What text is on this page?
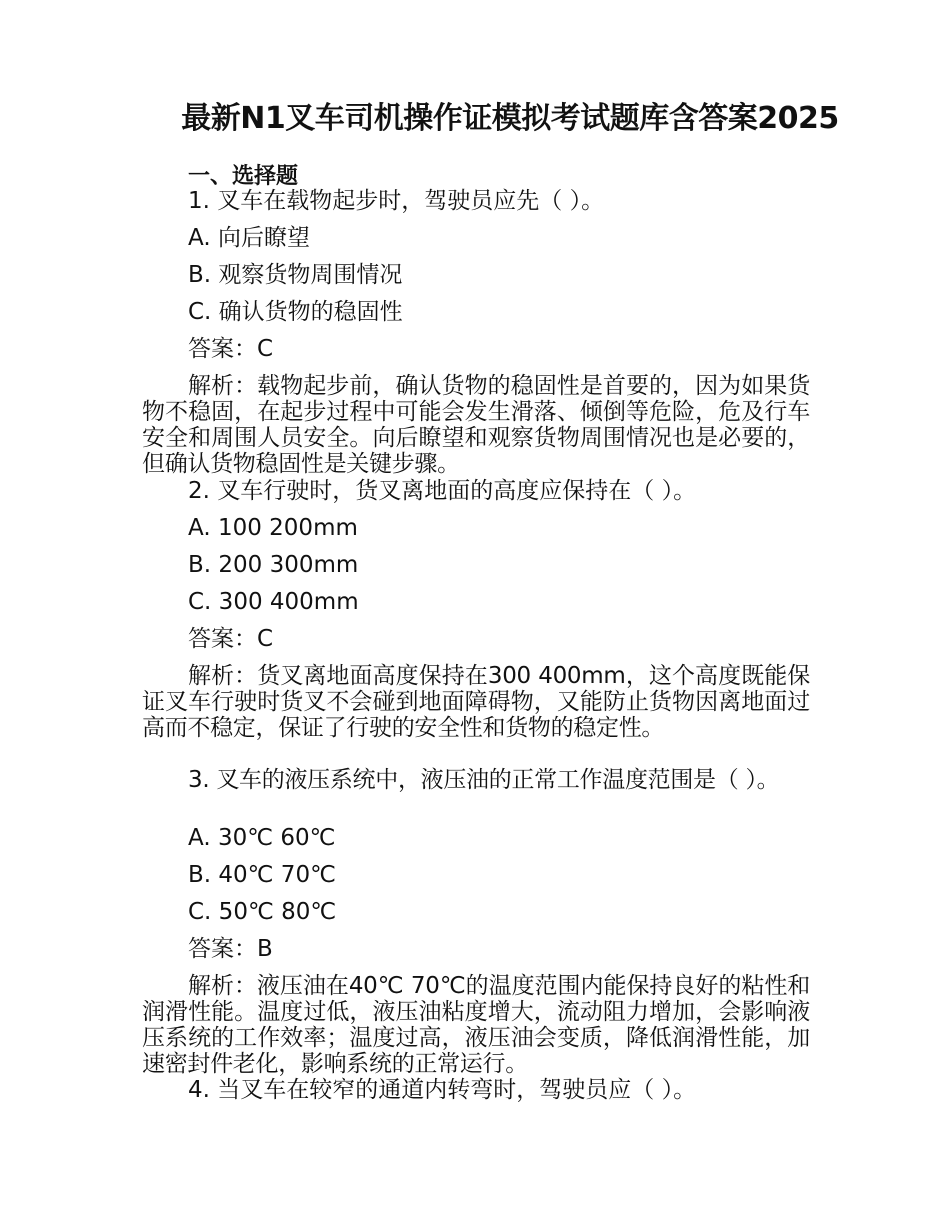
最新N1叉车司机操作证模拟考试题库含答案2025
一、选择题
1. 叉车在载物起步时，驾驶员应先（ ）。
A. 向后瞭望
B. 观察货物周围情况
C. 确认货物的稳固性
答案：C
解析：载物起步前，确认货物的稳固性是首要的，因为如果货物不稳固，在起步过程中可能会发生滑落、倾倒等危险，危及行车安全和周围人员安全。向后瞭望和观察货物周围情况也是必要的，但确认货物稳固性是关键步骤。
2. 叉车行驶时，货叉离地面的高度应保持在（ ）。
A. 100 200mm
B. 200 300mm
C. 300 400mm
答案：C
解析：货叉离地面高度保持在300 400mm，这个高度既能保证叉车行驶时货叉不会碰到地面障碍物，又能防止货物因离地面过高而不稳定，保证了行驶的安全性和货物的稳定性。
3. 叉车的液压系统中，液压油的正常工作温度范围是（ ）。
A. 30℃ 60℃
B. 40℃ 70℃
C. 50℃ 80℃
答案：B
解析：液压油在40℃ 70℃的温度范围内能保持良好的粘性和润滑性能。温度过低，液压油粘度增大，流动阻力增加，会影响液压系统的工作效率；温度过高，液压油会变质，降低润滑性能，加速密封件老化，影响系统的正常运行。
4. 当叉车在较窄的通道内转弯时，驾驶员应（ ）。
